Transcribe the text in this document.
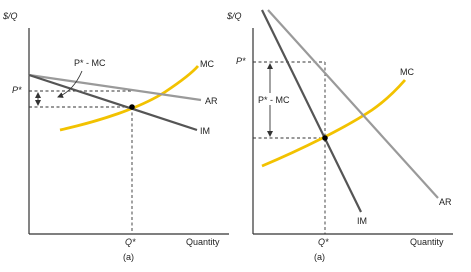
$/Q
P*
P* - MC	MC
AR
IM
Q*	Quantity
(a)
$/Q
P*
P* - MC
MC
AR
IM
Q*	Quantity
(a)
